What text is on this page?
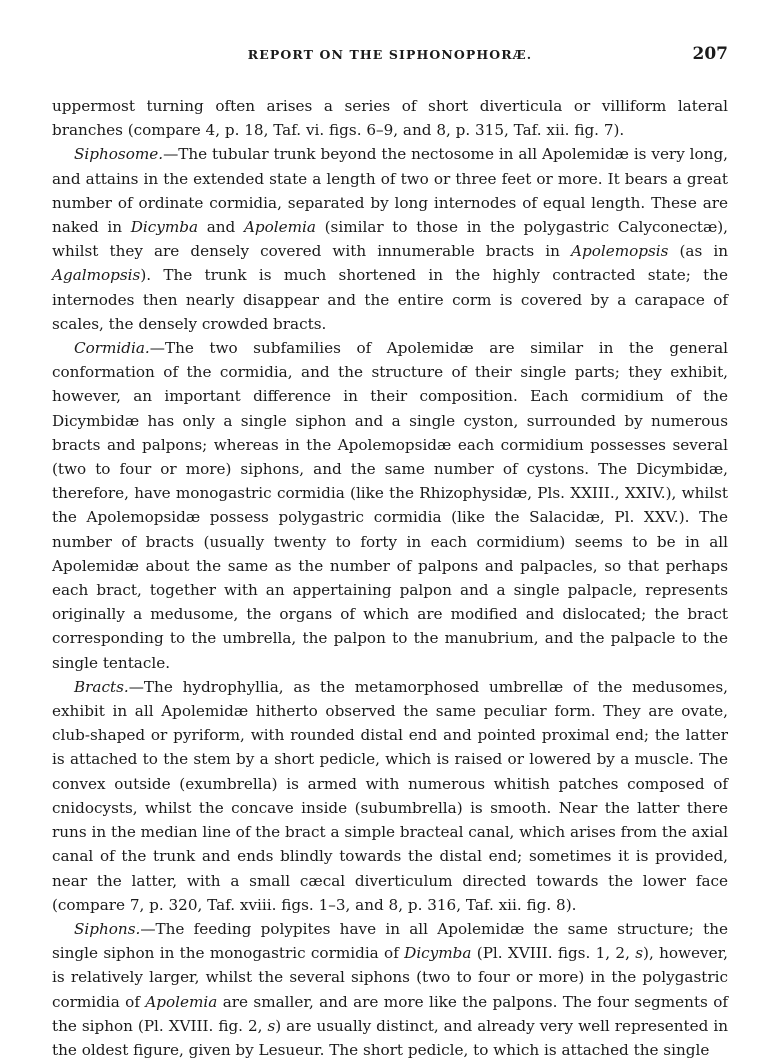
REPORT ON THE SIPHONOPHORÆ.	207

uppermost turning often arises a series of short diverticula or villiform lateral branches (compare 4, p. 18, Taf. vi. figs. 6–9, and 8, p. 315, Taf. xii. fig. 7).

Siphosome.—The tubular trunk beyond the nectosome in all Apolemidæ is very long, and attains in the extended state a length of two or three feet or more. It bears a great number of ordinate cormidia, separated by long internodes of equal length. These are naked in Dicymba and Apolemia (similar to those in the polygastric Calyconectæ), whilst they are densely covered with innumerable bracts in Apolemopsis (as in Agalmopsis). The trunk is much shortened in the highly contracted state; the internodes then nearly disappear and the entire corm is covered by a carapace of scales, the densely crowded bracts.

Cormidia.—The two subfamilies of Apolemidæ are similar in the general conformation of the cormidia, and the structure of their single parts; they exhibit, however, an important difference in their composition. Each cormidium of the Dicymbidæ has only a single siphon and a single cyston, surrounded by numerous bracts and palpons; whereas in the Apolemopsidæ each cormidium possesses several (two to four or more) siphons, and the same number of cystons. The Dicymbidæ, therefore, have monogastric cormidia (like the Rhizophysidæ, Pls. XXIII., XXIV.), whilst the Apolemopsidæ possess polygastric cormidia (like the Salacidæ, Pl. XXV.). The number of bracts (usually twenty to forty in each cormidium) seems to be in all Apolemidæ about the same as the number of palpons and palpacles, so that perhaps each bract, together with an appertaining palpon and a single palpacle, represents originally a medusome, the organs of which are modified and dislocated; the bract corresponding to the umbrella, the palpon to the manubrium, and the palpacle to the single tentacle.

Bracts.—The hydrophyllia, as the metamorphosed umbrellæ of the medusomes, exhibit in all Apolemidæ hitherto observed the same peculiar form. They are ovate, club-shaped or pyriform, with rounded distal end and pointed proximal end; the latter is attached to the stem by a short pedicle, which is raised or lowered by a muscle. The convex outside (exumbrella) is armed with numerous whitish patches composed of cnidocysts, whilst the concave inside (subumbrella) is smooth. Near the latter there runs in the median line of the bract a simple bracteal canal, which arises from the axial canal of the trunk and ends blindly towards the distal end; sometimes it is provided, near the latter, with a small cæcal diverticulum directed towards the lower face (compare 7, p. 320, Taf. xviii. figs. 1–3, and 8, p. 316, Taf. xii. fig. 8).

Siphons.—The feeding polypites have in all Apolemidæ the same structure; the single siphon in the monogastric cormidia of Dicymba (Pl. XVIII. figs. 1, 2, s), however, is relatively larger, whilst the several siphons (two to four or more) in the polygastric cormidia of Apolemia are smaller, and are more like the palpons. The four segments of the siphon (Pl. XVIII. fig. 2, s) are usually distinct, and already very well represented in the oldest figure, given by Lesueur. The short pedicle, to which is attached the single
